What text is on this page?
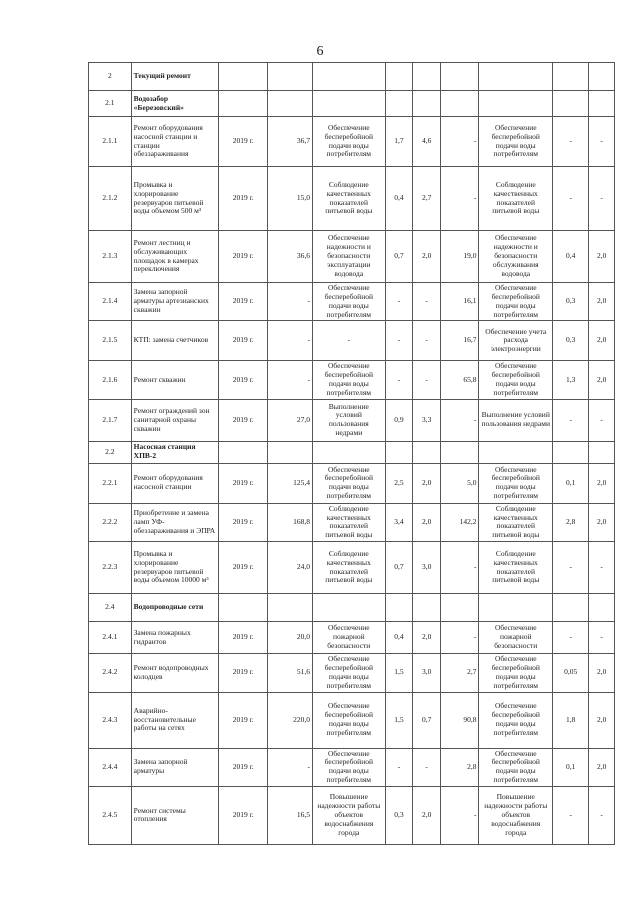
6
2	Текущий ремонт									
2.1	Водозабор «Березовский»									
2.1.1	Ремонт оборудования насосной станции и станции обеззараживания	2019 г.	36,7	Обеспечение бесперебойной подачи воды потребителям	1,7	4,6	-	Обеспечение бесперебойной подачи воды потребителям	-	-
2.1.2	Промывка и хлорирование резервуаров питьевой воды объемом 500 м³	2019 г.	15,0	Соблюдение качественных показателей питьевой воды	0,4	2,7	-	Соблюдение качественных показателей питьевой воды	-	-
2.1.3	Ремонт лестниц и обслуживающих площадок в камерах переключения	2019 г.	36,6	Обеспечение надежности и безопасности эксплуатации водовода	0,7	2,0	19,0	Обеспечение надежности и безопасности обслуживания водовода	0,4	2,0
2.1.4	Замена запорной арматуры артезианских скважин	2019 г.	-	Обеспечение бесперебойной подачи воды потребителям	-	-	16,1	Обеспечение бесперебойной подачи воды потребителям	0,3	2,0
2.1.5	КТП: замена счетчиков	2019 г.	-	-	-	-	16,7	Обеспечение учета расхода электроэнергии	0,3	2,0
2.1.6	Ремонт скважин	2019 г.	-	Обеспечение бесперебойной подачи воды потребителям	-	-	65,8	Обеспечение бесперебойной подачи воды потребителям	1,3	2,0
2.1.7	Ремонт ограждений зон санитарной охраны скважин	2019 г.	27,0	Выполнение условий пользования недрами	0,9	3,3	-	Выполнение условий пользования недрами	-	-
2.2	Насосная станция ХПВ-2									
2.2.1	Ремонт оборудования насосной станции	2019 г.	125,4	Обеспечение бесперебойной подачи воды потребителям	2,5	2,0	5,0	Обеспечение бесперебойной подачи воды потребителям	0,1	2,0
2.2.2	Приобретение и замена ламп УФ-обеззараживания и ЭПРА	2019 г.	168,8	Соблюдение качественных показателей питьевой воды	3,4	2,0	142,2	Соблюдение качественных показателей питьевой воды	2,8	2,0
2.2.3	Промывка и хлорирование резервуаров питьевой воды объемом 10000 м³	2019 г.	24,0	Соблюдение качественных показателей питьевой воды	0,7	3,0	-	Соблюдение качественных показателей питьевой воды	-	-
2.4	Водопроводные сети									
2.4.1	Замена пожарных гидрантов	2019 г.	20,0	Обеспечение пожарной безопасности	0,4	2,0	-	Обеспечение пожарной безопасности	-	-
2.4.2	Ремонт водопроводных колодцев	2019 г.	51,6	Обеспечение бесперебойной подачи воды потребителям	1,5	3,0	2,7	Обеспечение бесперебойной подачи воды потребителям	0,05	2,0
2.4.3	Аварийно-восстановительные работы на сетях	2019 г.	220,0	Обеспечение бесперебойной подачи воды потребителям	1,5	0,7	90,8	Обеспечение бесперебойной подачи воды потребителям	1,8	2,0
2.4.4	Замена запорной арматуры	2019 г.	-	Обеспечение бесперебойной подачи воды потребителям	-	-	2,8	Обеспечение бесперебойной подачи воды потребителям	0,1	2,0
2.4.5	Ремонт системы отопления	2019 г.	16,5	Повышение надежности работы объектов водоснабжения города	0,3	2,0	-	Повышение надежности работы объектов водоснабжения города	-	-
